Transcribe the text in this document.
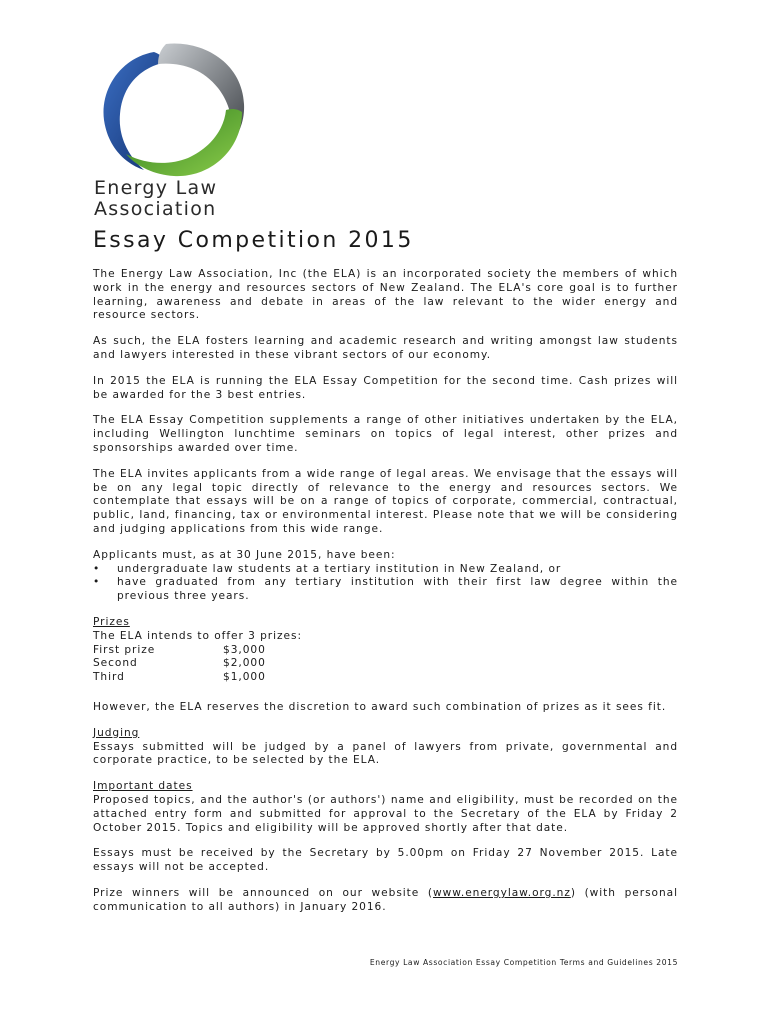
Energy Law
Association
Essay Competition 2015

The Energy Law Association, Inc (the ELA) is an incorporated society the members of which work in the energy and resources sectors of New Zealand. The ELA's core goal is to further learning, awareness and debate in areas of the law relevant to the wider energy and resource sectors.

As such, the ELA fosters learning and academic research and writing amongst law students and lawyers interested in these vibrant sectors of our economy.

In 2015 the ELA is running the ELA Essay Competition for the second time. Cash prizes will be awarded for the 3 best entries.

The ELA Essay Competition supplements a range of other initiatives undertaken by the ELA, including Wellington lunchtime seminars on topics of legal interest, other prizes and sponsorships awarded over time.

The ELA invites applicants from a wide range of legal areas. We envisage that the essays will be on any legal topic directly of relevance to the energy and resources sectors. We contemplate that essays will be on a range of topics of corporate, commercial, contractual, public, land, financing, tax or environmental interest. Please note that we will be considering and judging applications from this wide range.

Applicants must, as at 30 June 2015, have been:

• undergraduate law students at a tertiary institution in New Zealand, or
• have graduated from any tertiary institution with their first law degree within the previous three years.
Prizes
The ELA intends to offer 3 prizes:
First prize	$3,000
Second	$2,000
Third	$1,000

However, the ELA reserves the discretion to award such combination of prizes as it sees fit.

Judging
Essays submitted will be judged by a panel of lawyers from private, governmental and corporate practice, to be selected by the ELA.
Important dates
Proposed topics, and the author's (or authors') name and eligibility, must be recorded on the attached entry form and submitted for approval to the Secretary of the ELA by Friday 2 October 2015. Topics and eligibility will be approved shortly after that date.

Essays must be received by the Secretary by 5.00pm on Friday 27 November 2015. Late essays will not be accepted.

Prize winners will be announced on our website (www.energylaw.org.nz) (with personal communication to all authors) in January 2016.

Energy Law Association Essay Competition Terms and Guidelines 2015
